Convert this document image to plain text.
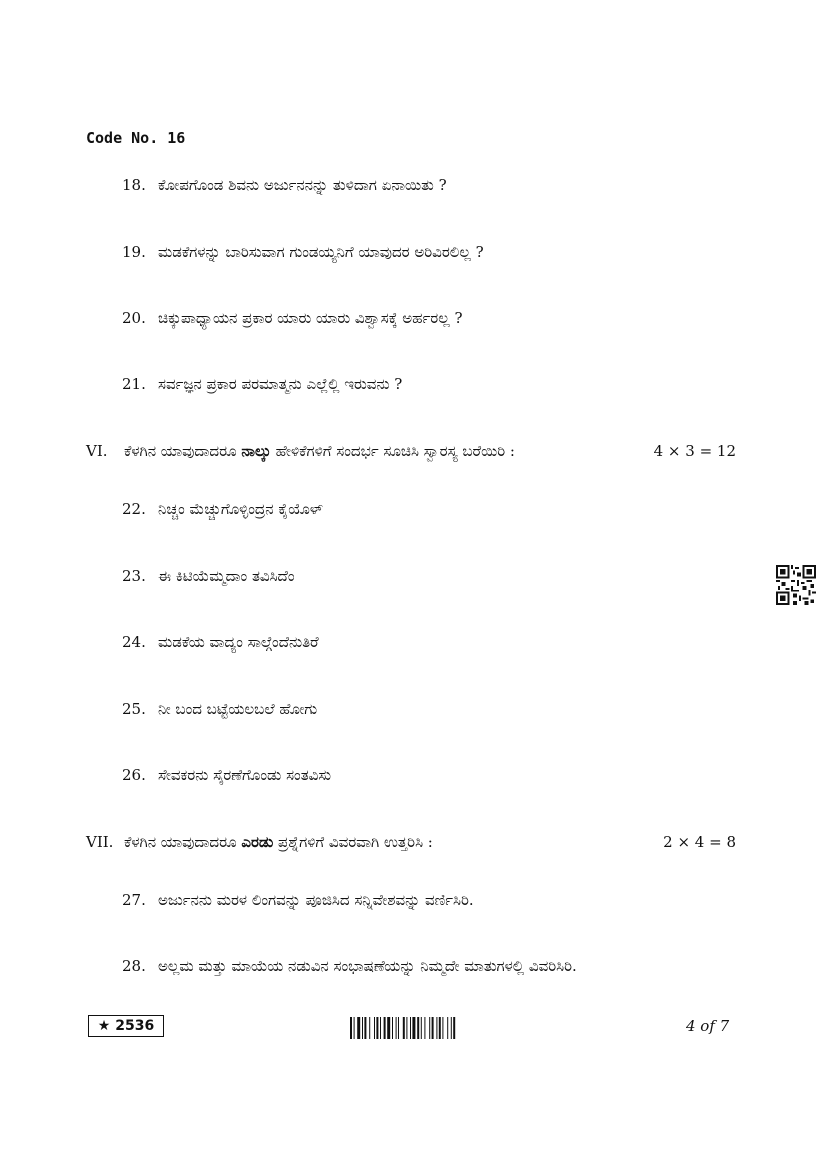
Code No. 16
18. ಕೋಪಗೊಂಡ ಶಿವನು ಅರ್ಜುನನನ್ನು ತುಳಿದಾಗ ಏನಾಯಿತು ?
19. ಮಡಕೆಗಳನ್ನು ಬಾರಿಸುವಾಗ ಗುಂಡಯ್ಯನಿಗೆ ಯಾವುದರ ಅರಿವಿರಲಿಲ್ಲ ?
20. ಚಿಕ್ಕುಪಾಧ್ಯಾಯನ ಪ್ರಕಾರ ಯಾರು ಯಾರು ವಿಶ್ವಾಸಕ್ಕೆ ಅರ್ಹರಲ್ಲ ?
21. ಸರ್ವಜ್ಞನ ಪ್ರಕಾರ ಪರಮಾತ್ಮನು ಎಲ್ಲೆಲ್ಲಿ ಇರುವನು ?
VI. ಕೆಳಗಿನ ಯಾವುದಾದರೂ ನಾಲ್ಕು ಹೇಳಿಕೆಗಳಿಗೆ ಸಂದರ್ಭ ಸೂಚಿಸಿ ಸ್ವಾರಸ್ಯ ಬರೆಯಿರಿ :	4 × 3 = 12
22. ನಿಚ್ಚಂ ಮೆಚ್ಚುಗೊಳ್ಳಿಂದ್ರನ ಕೈಯೊಳ್
23. ಈ ಕಿಟಿಯೆಮ್ಮದಾಂ ತವಿಸಿದೆಂ
24. ಮಡಕೆಯ ವಾದ್ಯಂ ಸಾಲ್ಗೆಂದೆನುತಿರೆ
25. ನೀ ಬಂದ ಬಟ್ಟೆಯಲಬಲೆ ಹೋಗು
26. ಸೇವಕರನು ಸೈರಣೆಗೊಂಡು ಸಂತವಿಸು
VII. ಕೆಳಗಿನ ಯಾವುದಾದರೂ ಎರಡು ಪ್ರಶ್ನೆಗಳಿಗೆ ವಿವರವಾಗಿ ಉತ್ತರಿಸಿ :	2 × 4 = 8
27. ಅರ್ಜುನನು ಮರಳ ಲಿಂಗವನ್ನು ಪೂಜಿಸಿದ ಸನ್ನಿವೇಶವನ್ನು ವರ್ಣಿಸಿರಿ.
28. ಅಲ್ಲಮ ಮತ್ತು ಮಾಯೆಯ ನಡುವಿನ ಸಂಭಾಷಣೆಯನ್ನು ನಿಮ್ಮದೇ ಮಾತುಗಳಲ್ಲಿ ವಿವರಿಸಿರಿ.
★ 2536	4 of 7
